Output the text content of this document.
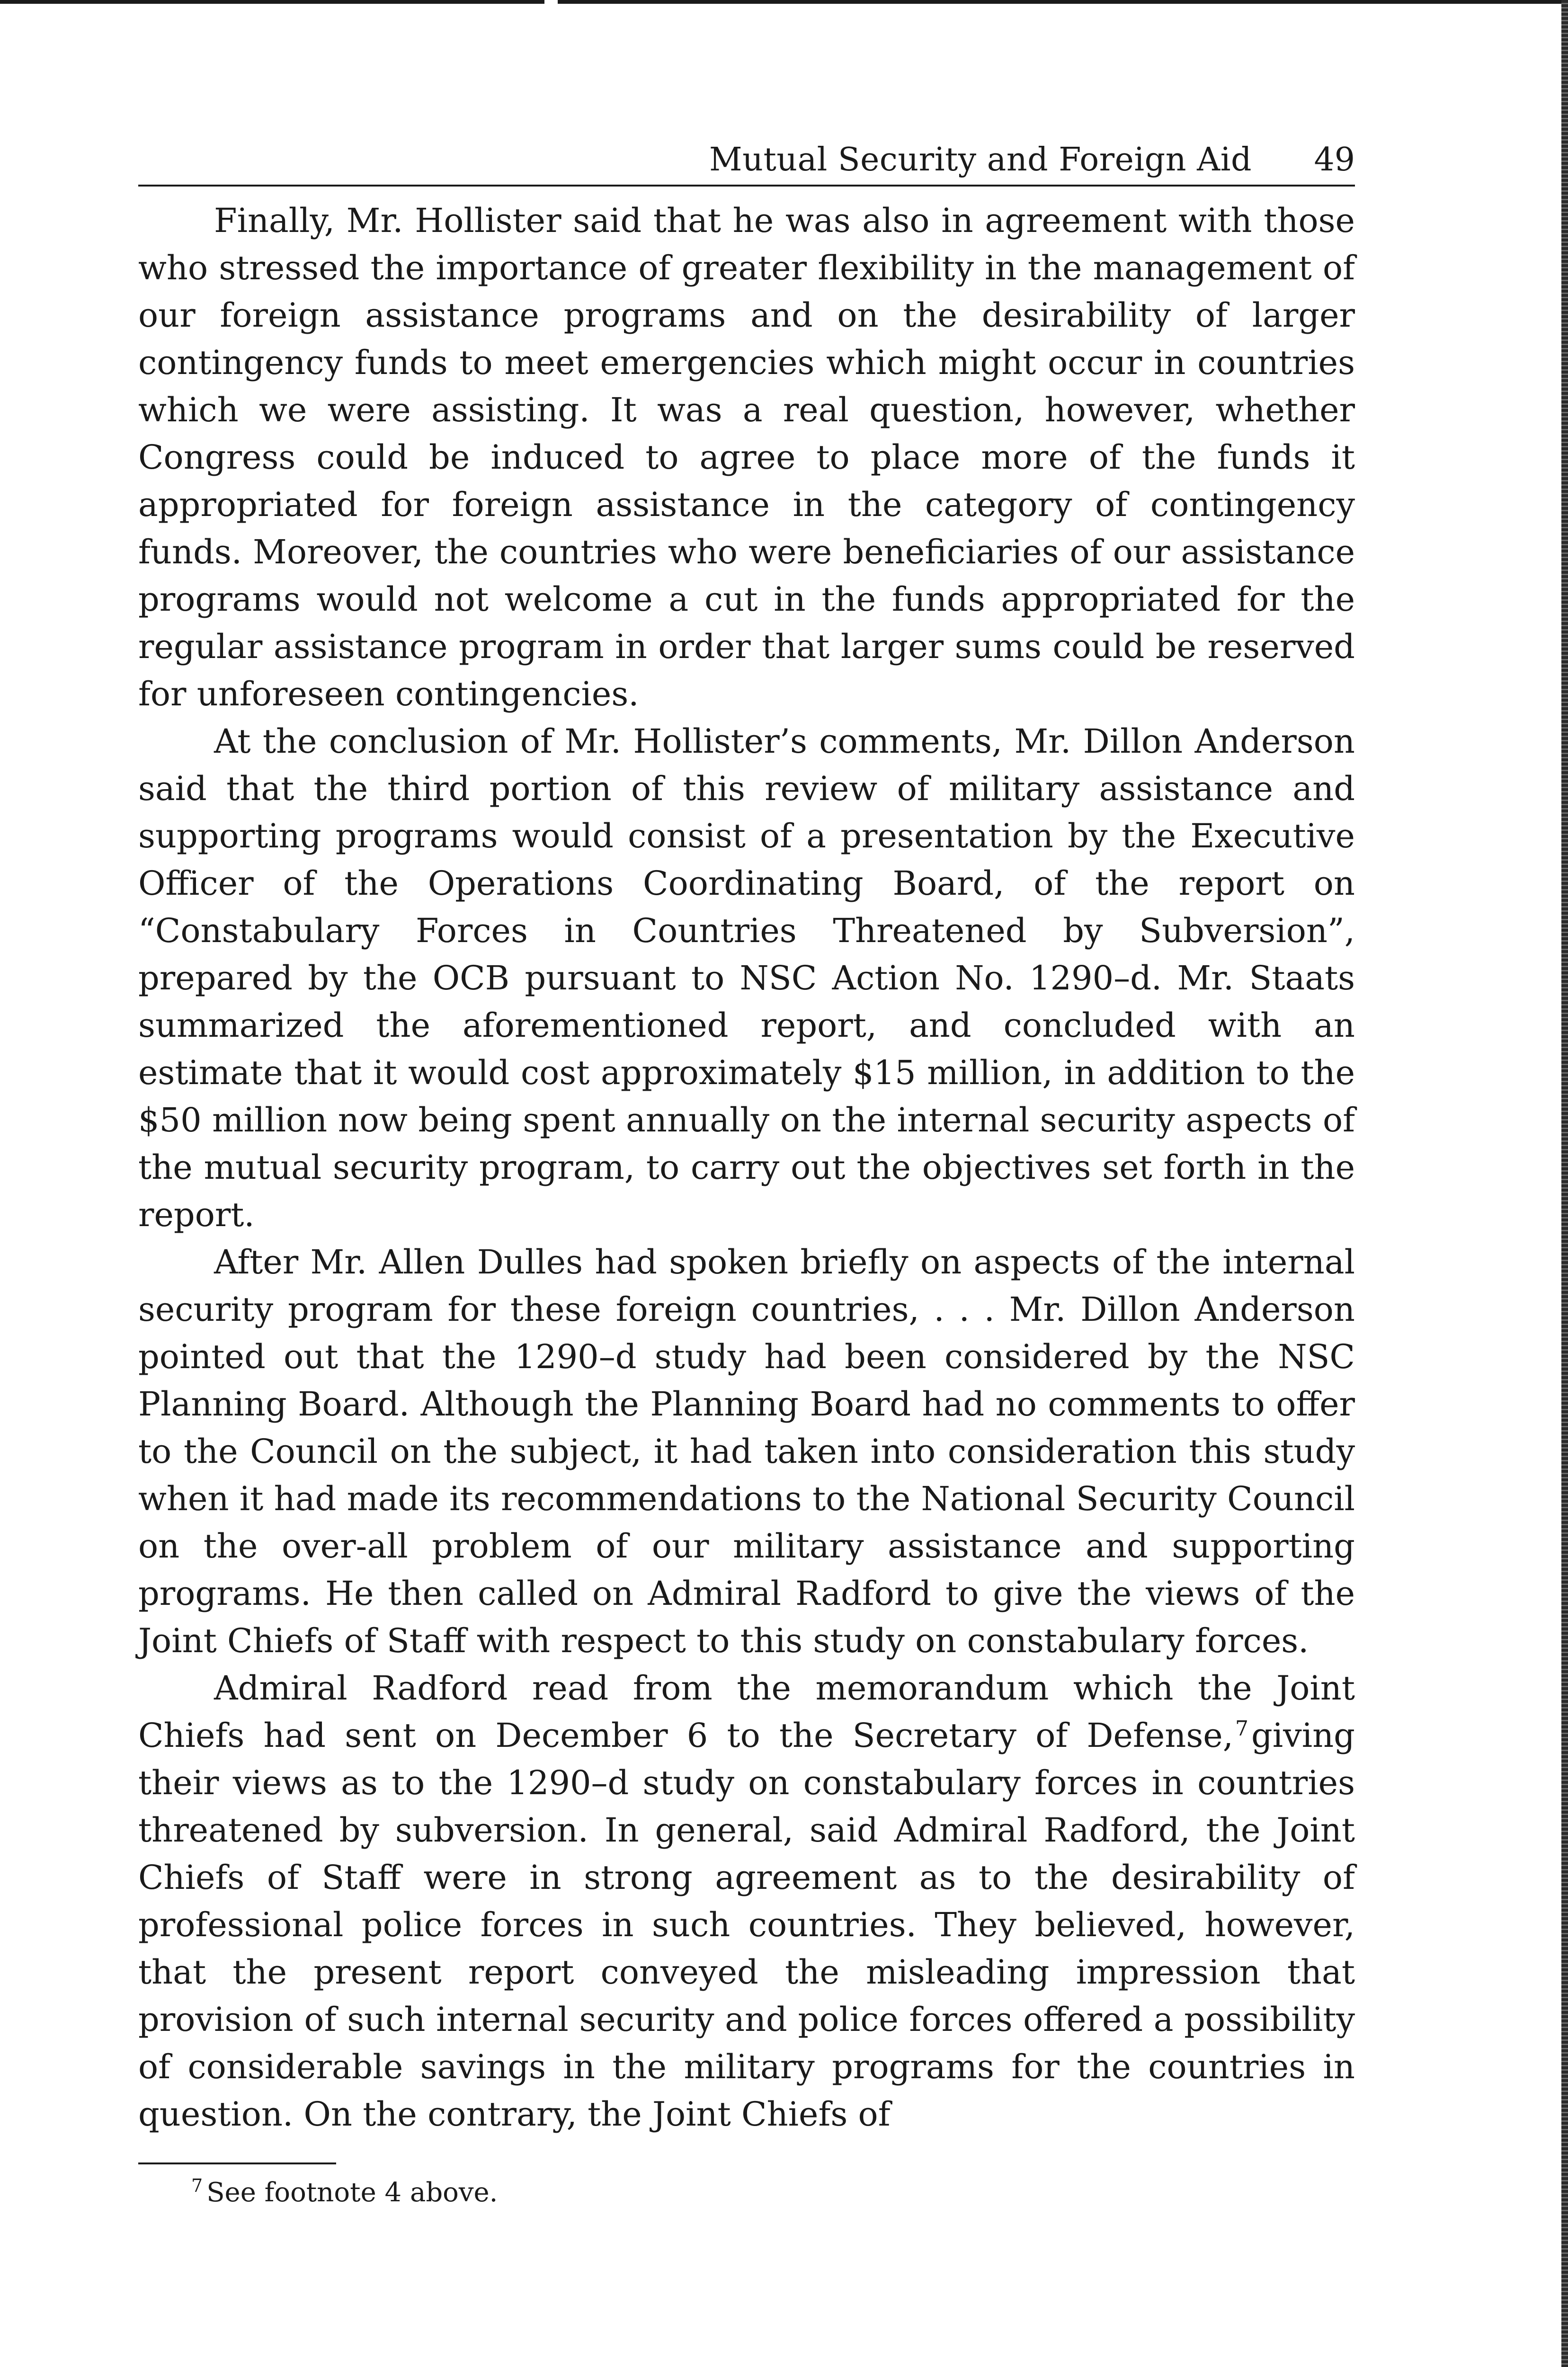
Mutual Security and Foreign Aid 49

Finally, Mr. Hollister said that he was also in agreement with those who stressed the importance of greater flexibility in the management of our foreign assistance programs and on the desirability of larger contingency funds to meet emergencies which might occur in countries which we were assisting. It was a real question, however, whether Congress could be induced to agree to place more of the funds it appropriated for foreign assistance in the category of contingency funds. Moreover, the countries who were beneficiaries of our assistance programs would not welcome a cut in the funds appropriated for the regular assistance program in order that larger sums could be reserved for unforeseen contingencies.

At the conclusion of Mr. Hollister’s comments, Mr. Dillon Anderson said that the third portion of this review of military assistance and supporting programs would consist of a presentation by the Executive Officer of the Operations Coordinating Board, of the report on “Constabulary Forces in Countries Threatened by Subversion”, prepared by the OCB pursuant to NSC Action No. 1290–d. Mr. Staats summarized the aforementioned report, and concluded with an estimate that it would cost approximately $15 million, in addition to the $50 million now being spent annually on the internal security aspects of the mutual security program, to carry out the objectives set forth in the report.

After Mr. Allen Dulles had spoken briefly on aspects of the internal security program for these foreign countries, . . . Mr. Dillon Anderson pointed out that the 1290–d study had been considered by the NSC Planning Board. Although the Planning Board had no comments to offer to the Council on the subject, it had taken into consideration this study when it had made its recommendations to the National Security Council on the over-all problem of our military assistance and supporting programs. He then called on Admiral Radford to give the views of the Joint Chiefs of Staff with respect to this study on constabulary forces.

Admiral Radford read from the memorandum which the Joint Chiefs had sent on December 6 to the Secretary of Defense,$^7$giving their views as to the 1290–d study on constabulary forces in countries threatened by subversion. In general, said Admiral Radford, the Joint Chiefs of Staff were in strong agreement as to the desirability of professional police forces in such countries. They believed, however, that the present report conveyed the misleading impression that provision of such internal security and police forces offered a possibility of considerable savings in the military programs for the countries in question. On the contrary, the Joint Chiefs of

$^7$ See footnote 4 above.
